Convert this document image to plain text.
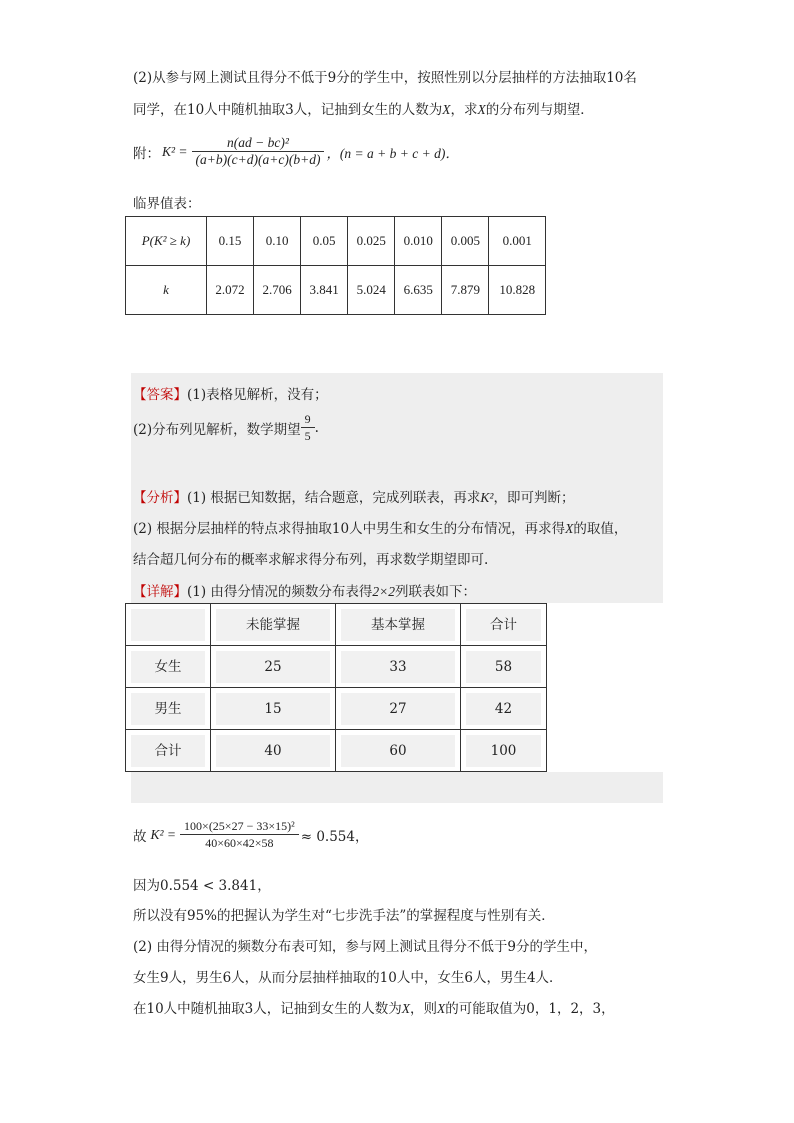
(2)从参与网上测试且得分不低于9分的学生中，按照性别以分层抽样的方法抽取10名
同学，在10人中随机抽取3人，记抽到女生的人数为X，求X的分布列与期望．
附： $K^2 = \frac{\text{n(ad − bc)²}}{(a+b)(c+d)(a+c)(b+d)}$ ，(n = a + b + c + d)．
临界值表：
P(K² ≥ k)	0.15	0.10	0.05	0.025	0.010	0.005	0.001
k	2.072	2.706	3.841	5.024	6.635	7.879	10.828
【答案】(1)表格见解析，没有；
(2)分布列见解析，数学期望 $\frac{9}{5}$ .
【分析】(1) 根据已知数据，结合题意，完成列联表，再求K²，即可判断；
(2) 根据分层抽样的特点求得抽取10人中男生和女生的分布情况，再求得X的取值，
结合超几何分布的概率求解求得分布列，再求数学期望即可.
【详解】(1) 由得分情况的频数分布表得2×2列联表如下：

	未能掌握	基本掌握	合计

女生	25	33	58

男生	15	27	42

合计	40	60	100
故 $K^2 = \frac{\text{100×(25×27 − 33×15)²}}{40\times 60\times 42\times 58} \approx 0.554$，
因为0.554 < 3.841，
所以没有95%的把握认为学生对“七步洗手法”的掌握程度与性别有关．
(2) 由得分情况的频数分布表可知，参与网上测试且得分不低于9分的学生中，
女生9人，男生6人，从而分层抽样抽取的10人中，女生6人，男生4人．
在10人中随机抽取3人，记抽到女生的人数为X，则X的可能取值为0，1，2，3，
